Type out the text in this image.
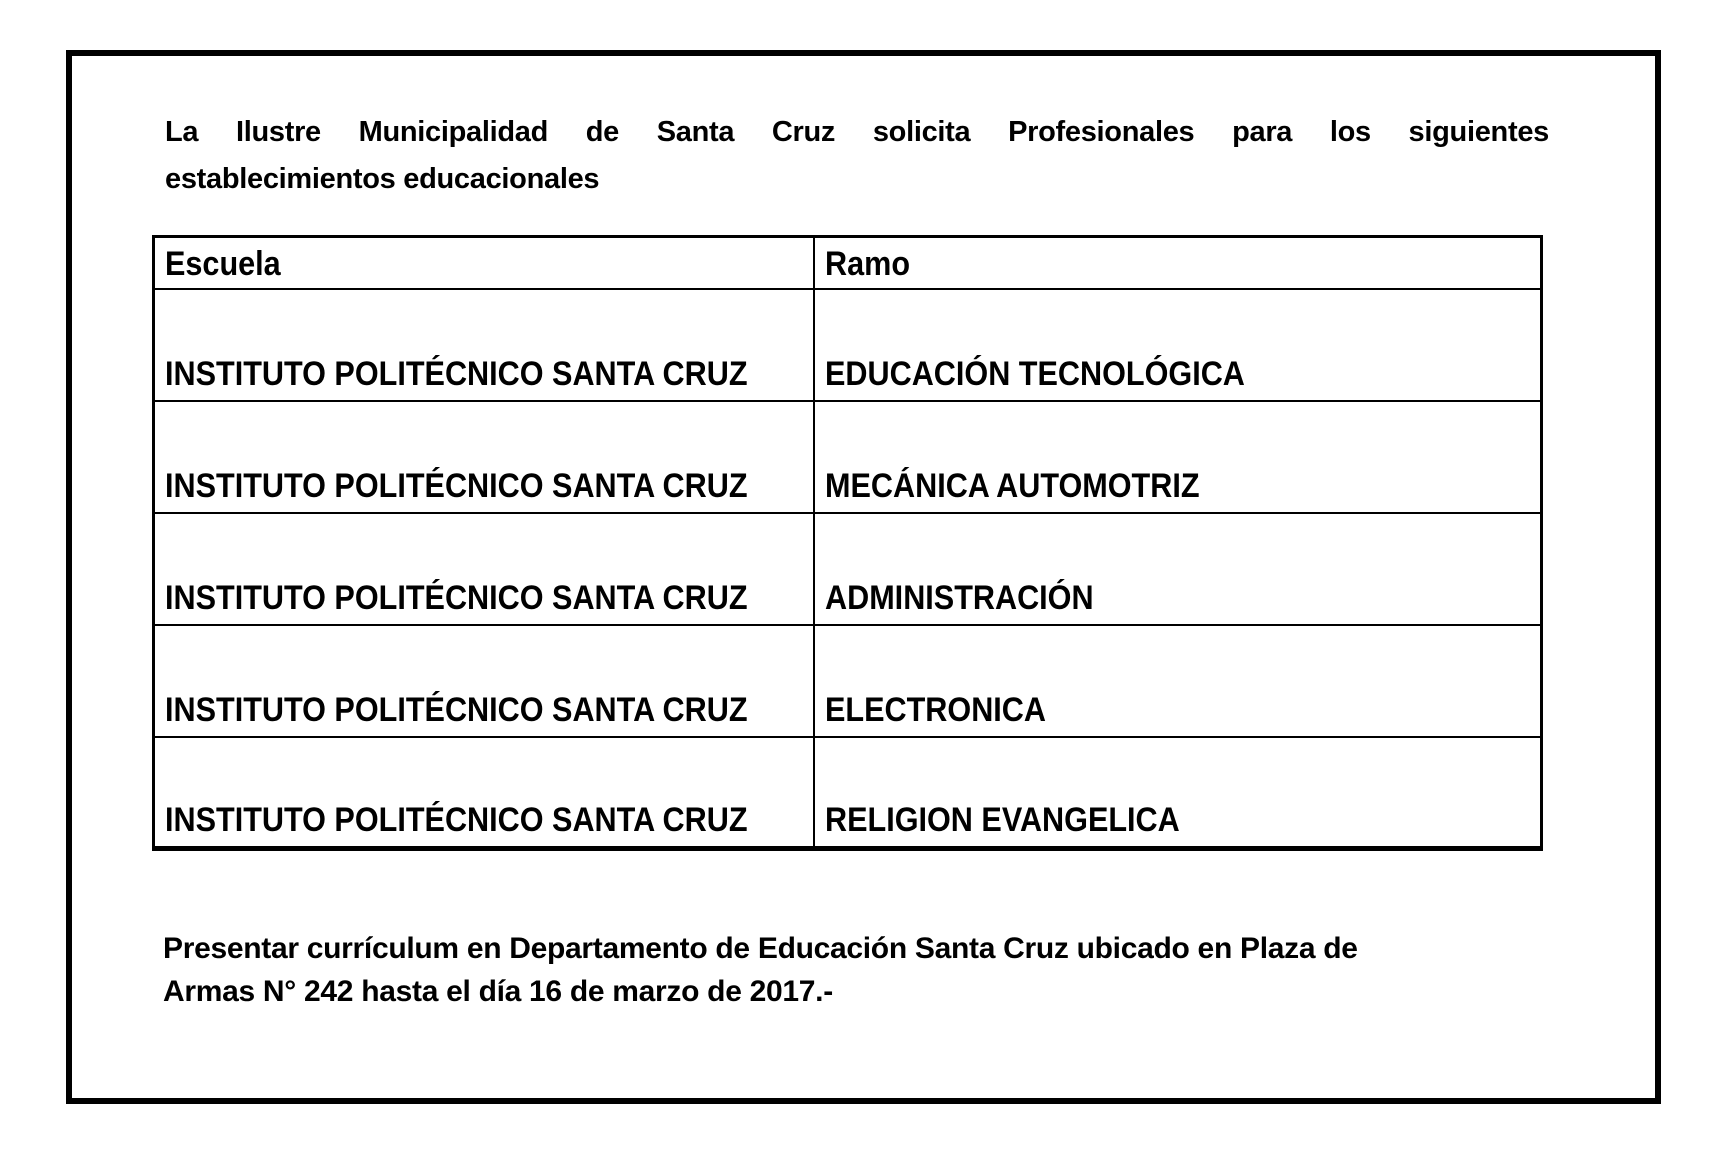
La Ilustre Municipalidad de Santa Cruz solicita Profesionales para los siguientes
establecimientos educacionales
Escuela	Ramo
INSTITUTO POLITÉCNICO SANTA CRUZ	EDUCACIÓN TECNOLÓGICA
INSTITUTO POLITÉCNICO SANTA CRUZ	MECÁNICA AUTOMOTRIZ
INSTITUTO POLITÉCNICO SANTA CRUZ	ADMINISTRACIÓN
INSTITUTO POLITÉCNICO SANTA CRUZ	ELECTRONICA
INSTITUTO POLITÉCNICO SANTA CRUZ	RELIGION EVANGELICA
Presentar currículum en Departamento de Educación Santa Cruz ubicado en Plaza de
Armas N° 242 hasta el día 16 de marzo de 2017.-
